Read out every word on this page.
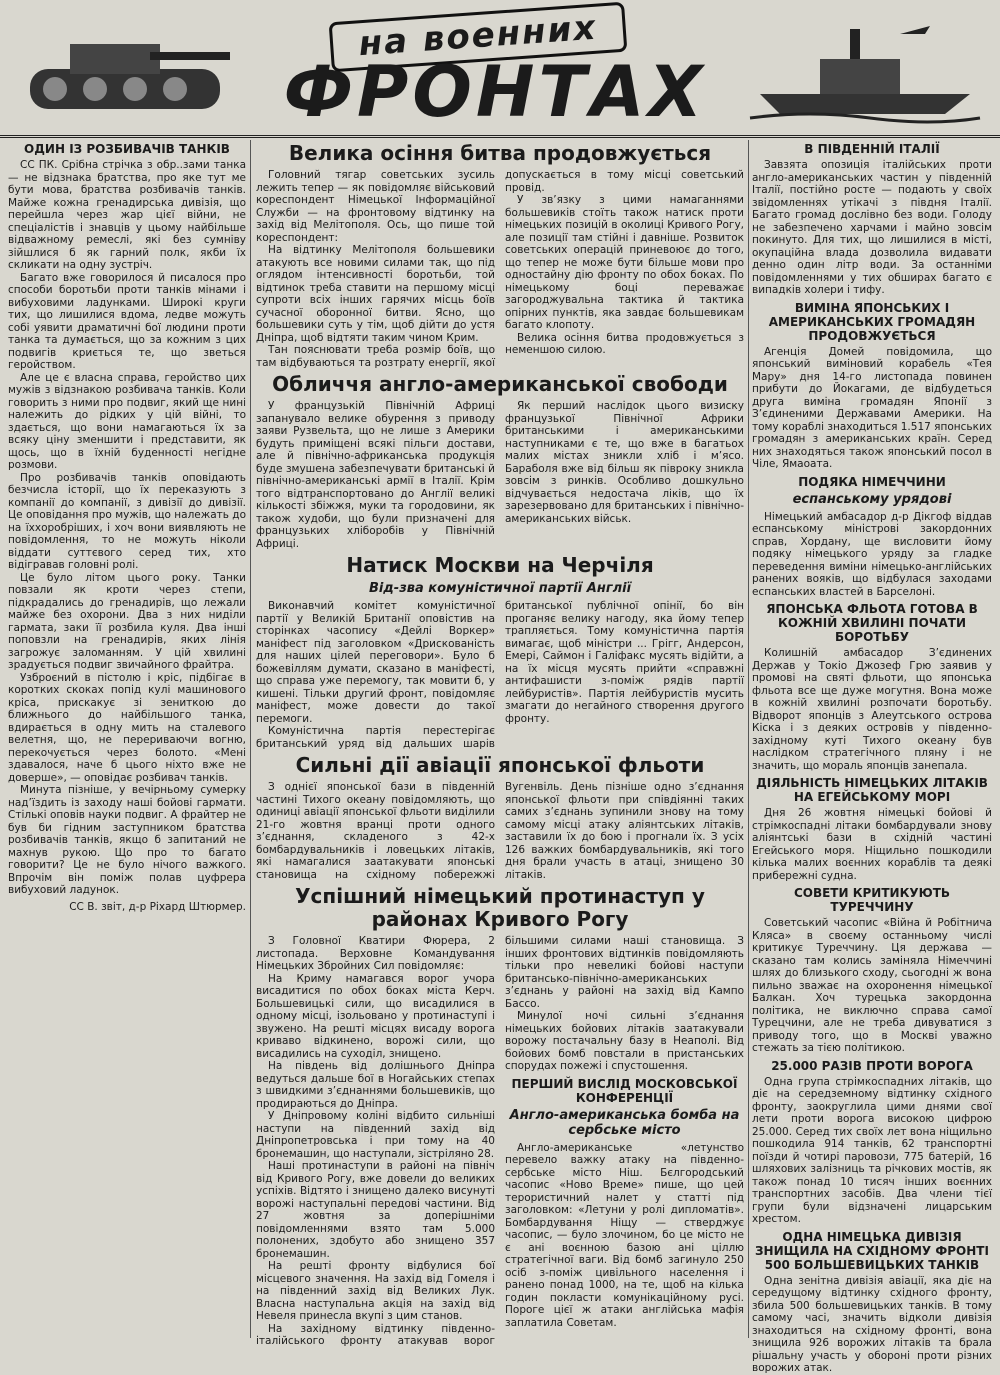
на военних
ФРОНТАХ
ОДИН ІЗ РОЗБИВАЧІВ ТАНКІВ

СС ПК. Срібна стрічка з обр..зами танка — не відзнака братства, про яке тут ме бути мова, братства розбивачів танків. Майже кожна гренадирська дивізія, що перейшла через жар цієї війни, не спеціалістів і знавців у цьому найбільше відважному ремеслі, які без сумніву зійшлися б як гарний полк, якби їх скликати на одну зустріч.

Багато вже говорилося й писалося про способи боротьби проти танків мінами і вибуховими ладунками. Широкі круги тих, що лишилися вдома, ледве можуть собі уявити драматичні бої людини проти танка та думається, що за кожним з цих подвигів криється те, що зветься геройством.

Але це є власна справа, геройство цих мужів з відзнакою розбивача танків. Коли говорить з ними про подвиг, який ще нині належить до рідких у цій війні, то здається, що вони намагаються їх за всяку ціну зменшити і представити, як щось, що в їхній буденності негідне розмови.

Про розбивачів танків оповідають безчисла історії, що їх переказують з компанії до компанії, з дивізії до дивізії. Це оповідання про мужів, що належать до на їххоробріших, і хоч вони виявляють не повідомлення, то не можуть ніколи віддати суттєвого серед тих, хто відігравав головні ролі.

Це було літом цього року. Танки повзали як кроти через степи, підкрадались до гренадирів, що лежали майже без охорони. Два з них ниділи гармата, заки її розбила куля. Два інші поповзли на гренадирів, яких лінія загрожує заломанням. У цій хвилині зрадується подвиг звичайного фрайтра.

Узброєний в пістолю і кріс, підбігає в коротких скоках попід кулі машинового кріса, прискакує зі зениткою до ближнього до найбільшого танка, вдирається в одну мить на сталевого велетня, що, не перериваючи вогню, перекочується через болото. «Мені здавалося, наче б цього ніхто вже не доверше», — оповідає розбивач танків.

Минута пізніше, у вечірньому сумерку над’їздить із заходу наші бойові гармати. Стількі оповів науки подвиг. А фрайтер не був би гідним заступником братства розбивачів танків, якщо б запитаний не махнув рукою. Що про то багато говорити? Це не було нічого важкого. Впрочім він поміж полав цуфрера вибуховий ладунок.

СС В. звіт, д-р Ріхард Штюрмер.
Велика осіння битва продовжується

Головний тягар советських зусиль лежить тепер — як повідомляє військовий кореспондент Німецької Інформаційної Служби — на фронтовому відтинку на захід від Мелітополя. Ось, що пише той кореспондент:

На відтинку Мелітополя большевики атакують все новими силами так, що під оглядом інтенсивності боротьби, той відтинок треба ставити на першому місці супроти всіх інших гарячих місць боїв сучасної оборонної битви. Ясно, що большевики суть у тім, щоб дійти до устя Дніпра, щоб відтяти таким чином Крим.

Тан пояснювати треба розмір боїв, що там відбуваються та розтрату енергії, якої допускається в тому місці советський провід.

У зв’язку з цими намаганнями большевиків стоїть також натиск проти німецьких позицій в околиці Кривого Рогу, але позиції там стійні і давніше. Розвиток советських операцій приневоює до того, що тепер не може бути більше мови про одностайну дію фронту по обох боках. По німецькому боці переважає загороджувальна тактика й тактика опірних пунктів, яка завдає большевикам багато клопоту.

Велика осіння битва продовжується з неменшою силою.

Обличчя англо-американської свободи

У французькій Північній Африці запанувало велике обурення з приводу заяви Рузвельта, що не лише з Америки будуть приміщені всякі пільги достави, але й північно-африканська продукція буде змушена забезпечувати британські й північно-американські армії в Італії. Крім того відтранспортовано до Англії великі кількості збіжжя, муки та городовини, як також худоби, що були призначені для французьких хліборобів у Північній Африці.

Як перший наслідок цього визиску французької Північної Африки британськими і американськими наступниками є те, що вже в багатьох малих містах зникли хліб і м’ясо. Бараболя вже від більш як півроку зникла зовсім з ринків. Особливо дошкульно відчувається недостача ліків, що їх зарезервовано для британських і північно-американських військ.

Натиск Москви на Черчіля
Від-зва комуністичної партії Англії

Виконавчий комітет комуністичної партії у Великій Британії оповістив на сторінках часопису «Дейлі Воркер» маніфест під заголовком «Дрискованість для наших цілей переговори». Було б божевіллям думати, сказано в маніфесті, що справа уже перемогу, так мовити б, у кишені. Тільки другий фронт, повідомляє маніфест, може довести до такої перемоги.

Комуністична партія перестерігає британський уряд від дальших шарів британської публічної опінії, бо він проганяє велику нагоду, яка йому тепер трапляється. Тому комуністична партія вимагає, щоб міністри ... Грігг, Андерсон, Емері, Саймон і Галіфакс мусять відійти, а на їх місця мусять прийти «справжні антифашисти з-поміж рядів партії лейбуристів». Партія лейбуристів мусить змагати до негайного створення другого фронту.

Сильні дії авіації японської фльоти

З однієї японської бази в південній частині Тихого океану повідомляють, що одиниці авіації японської фльоти виділили 21-го жовтня вранці проти одного з’єднання, складеного з 42-х бомбардувальників і ловецьких літаків, які намагалися заатакувати японські становища на східному побережжі Вугенвіль. День пізніше одно з’єднання японської фльоти при співдіянні таких самих з’єднань зупинили знову на тому самому місці атаку аліянтських літаків, заставили їх до бою і прогнали їх. З усіх 126 важких бомбардувальників, які того дня брали участь в атаці, знищено 30 літаків.

Успішний німецький протинаступ у районах Кривого Рогу

З Головної Кватири Фюрера, 2 листопада. Верховне Командування Німецьких Збройних Сил повідомляє:

На Криму намагався ворог учора висадитися по обох боках міста Керч. Большевицькі сили, що висадилися в одному місці, ізольовано у протинаступі і звужено. На решті місцях висаду ворога криваво відкинено, ворожі сили, що висадились на суходіл, знищено.

На південь від долішнього Дніпра ведуться дальше бої в Ногайських степах з швидкими з’єднаннями большевиків, що продираються до Дніпра.

У Дніпровому коліні відбито сильніші наступи на південний захід від Дніпропетровська і при тому на 40 бронемашин, що наступали, зістріляно 28.

Наші протинаступи в районі на північ від Кривого Рогу, вже довели до великих успіхів. Відтято і знищено далеко висунуті ворожі наступальні передові частини. Від 27 жовтня за доперішніми повідомленнями взято там 5.000 полонених, здобуто або знищено 357 бронемашин.

На решті фронту відбулися бої місцевого значення. На захід від Гомеля і на південний захід від Великих Лук. Власна наступальна акція на захід від Невеля принесла вкупі з цим станов.

На західному відтинку південно-італійського фронту атакував ворог більшими силами наші становища. З інших фронтових відтинків повідомляють тільки про невеликі бойові наступи британсько-північно-американських з’єднань у районі на захід від Кампо Бассо.

Минулої ночі сильні з’єднання німецьких бойових літаків заатакували ворожу постачальну базу в Неаполі. Від бойових бомб повстали в пристанських спорудах пожежі і спустошення.

ПЕРШИЙ ВИСЛІД МОСКОВСЬКОЇ КОНФЕРЕНЦІЇ
Англо-американська бомба на сербське місто

Англо-американське «летунство перевело важку атаку на південно-сербське місто Ніш. Бєлгородський часопис «Ново Време» пише, що цей терористичний налет у статті під заголовком: «Летуни у ролі дипломатів». Бомбардування Ніщу — стверджує часопис, — було злочином, бо це місто не є ані воєнною базою ані ціллю стратегічної ваги. Від бомб загинуло 250 осіб з-поміж цивільного населення і ранено понад 1000, на те, щоб на кілька годин покласти комунікаційному русі. Пороге цієї ж атаки англійська мафія заплатила Советам.

В ПІВДЕННІЙ ІТАЛІЇ

Завзята опозиція італійських проти англо-американських частин у південній Італії, постійно росте — подають у своїх звідомленнях утікачі з півдня Італії. Багато громад дослівно без води. Голоду не забезпечено харчами і майно зовсім покинуто. Для тих, що лишилися в місті, окупаційна влада дозволила видавати денно один літр води. За останніми повідомленнями у тих обширах багато є випадків холери і тифу.

ВИМІНА ЯПОНСЬКИХ І АМЕРИКАНСЬКИХ ГРОМАДЯН ПРОДОВЖУЄТЬСЯ

Агенція Домей повідомила, що японський виміновий корабель «Тея Мару» дня 14-го листопада повинен прибути до Йокагами, де відбудеться друга виміна громадян Японії з З’єдиненими Державами Америки. На тому кораблі знаходиться 1.517 японських громадян з американських країн. Серед них знаходяться також японський посол в Чіле, Ямаоата.

ПОДЯКА НІМЕЧЧИНИ
еспанському урядові

Німецький амбасадор д-р Дікгоф віддав еспанському міністрові закордонних справ, Хорданy, ще висловити йому подяку німецького уряду за гладке переведення виміни німецько-англійських ранених вояків, що відбулася заходами еспанських властей в Барселоні.

ЯПОНСЬКА ФЛЬОТА ГОТОВА В КОЖНІЙ ХВИЛИНІ ПОЧАТИ БОРОТЬБУ

Колишній амбасадор З’єдинених Держав у Токіо Джозеф Грю заявив у промові на святі фльоти, що японська фльота все ще дуже могутня. Вона може в кожній хвилині розпочати боротьбу. Відворот японців з Алеутського острова Кіска і з деяких островів у південно-західному куті Тихого океану був наслідком стратегічного пляну і не значить, що мораль японців занепала.

ДІЯЛЬНІСТЬ НІМЕЦЬКИХ ЛІТАКІВ НА ЕГЕЙСЬКОМУ МОРІ

Дня 26 жовтня німецькі бойові й стрімкоспадні літаки бомбардували знову аліянтські бази в східній частині Егейського моря. Ніщильно пошкодили кілька малих воєнних кораблів та деякі прибережні судна.

СОВЕТИ КРИТИКУЮТЬ ТУРЕЧЧИНУ

Советський часопис «Війна й Робітнича Кляса» в своєму останньому числі критикує Туреччину. Ця держава — сказано там колись заміняла Німеччині шлях до близького сходу, сьогодні ж вона пильно зважає на охоронення німецької Балкан. Хоч турецька закордонна політика, не виключно справа самої Турецчини, але не треба дивуватися з приводу того, що в Москві уважно стежать за тією політикою.

25.000 РАЗІВ ПРОТИ ВОРОГА

Одна група стрімкоспадних літаків, що діє на середземному відтинку східного фронту, заокруглила цими днями свої лети проти ворога високою цифрою 25.000. Серед тих своїх лет вона ніщильно пошкодила 914 танків, 62 транспортні поїзди й чотирі паровози, 775 батерій, 16 шляхових залізниць та річкових мостів, як також понад 10 тисяч інших воєнних транспортних засобів. Два члени тієї групи були відзначені лицарським хрестом.

ОДНА НІМЕЦЬКА ДИВІЗІЯ ЗНИЩИЛА НА СХІДНОМУ ФРОНТІ 500 БОЛЬШЕВИЦЬКИХ ТАНКІВ

Одна зенітна дивізія авіації, яка діє на середущому відтинку східного фронту, збила 500 большевицьких танків. В тому самому часі, значить відколи дивізія знаходиться на східному фронті, вона знищила 926 ворожих літаків та брала рішальну участь у обороні проти різних ворожих атак.
